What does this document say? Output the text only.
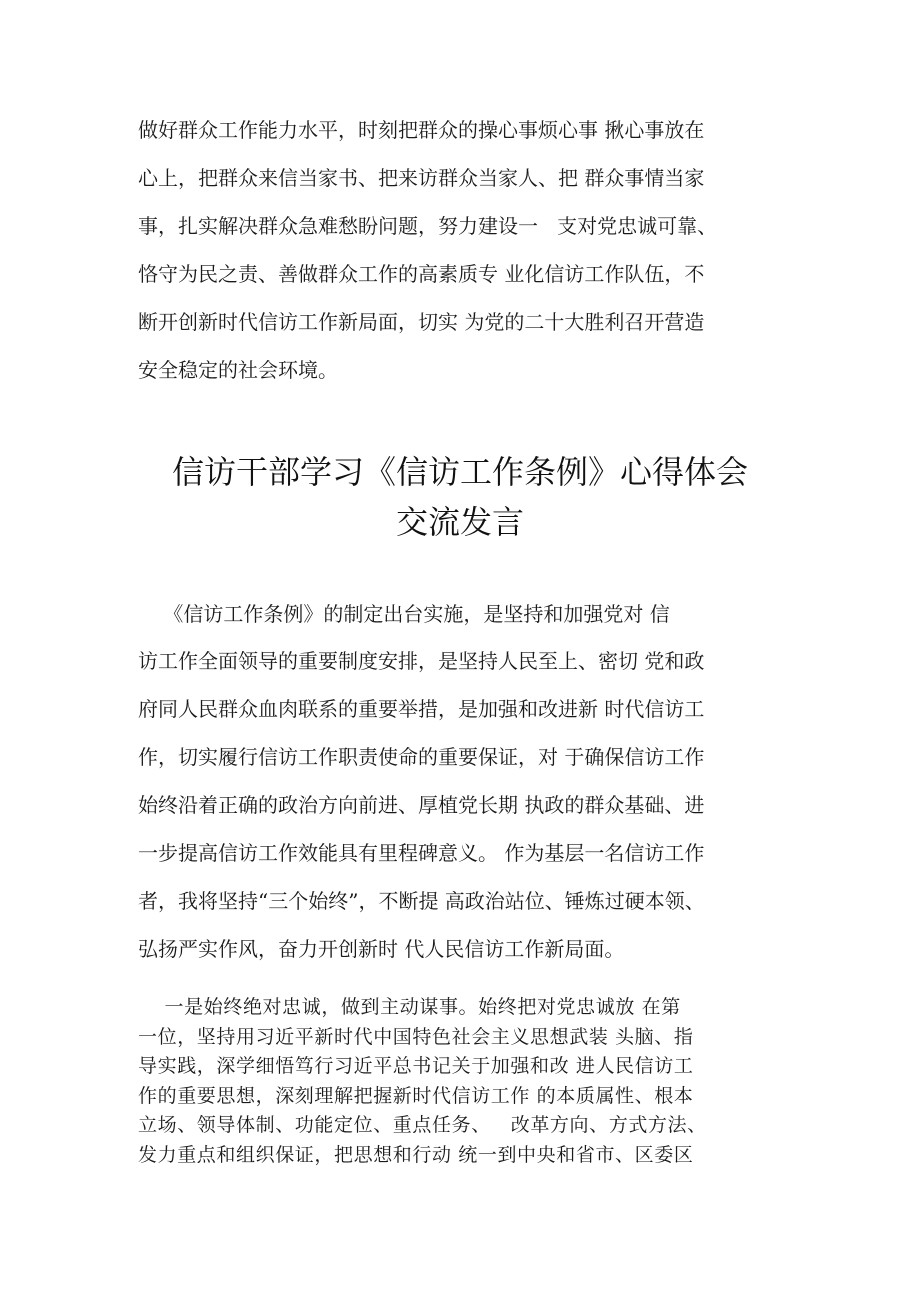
做好群众工作能力水平，时刻把群众的操心事烦心事 揪心事放在
心上，把群众来信当家书、把来访群众当家人、把 群众事情当家
事，扎实解决群众急难愁盼问题，努力建设一   支对党忠诚可靠、
恪守为民之责、善做群众工作的高素质专 业化信访工作队伍，不
断开创新时代信访工作新局面，切实 为党的二十大胜利召开营造
安全稳定的社会环境。
信访干部学习《信访工作条例》心得体会
交流发言
《信访工作条例》的制定出台实施，是坚持和加强党对 信
访工作全面领导的重要制度安排，是坚持人民至上、密切 党和政
府同人民群众血肉联系的重要举措，是加强和改进新 时代信访工
作，切实履行信访工作职责使命的重要保证，对 于确保信访工作
始终沿着正确的政治方向前进、厚植党长期 执政的群众基础、进
一步提高信访工作效能具有里程碑意义。 作为基层一名信访工作
者，我将坚持“三个始终”，不断提 高政治站位、锤炼过硬本领、
弘扬严实作风，奋力开创新时 代人民信访工作新局面。
一是始终绝对忠诚，做到主动谋事。始终把对党忠诚放 在第
一位，坚持用习近平新时代中国特色社会主义思想武装 头脑、指
导实践，深学细悟笃行习近平总书记关于加强和改 进人民信访工
作的重要思想，深刻理解把握新时代信访工作 的本质属性、根本
立场、领导体制、功能定位、重点任务、   改革方向、方式方法、
发力重点和组织保证，把思想和行动 统一到中央和省市、区委区
